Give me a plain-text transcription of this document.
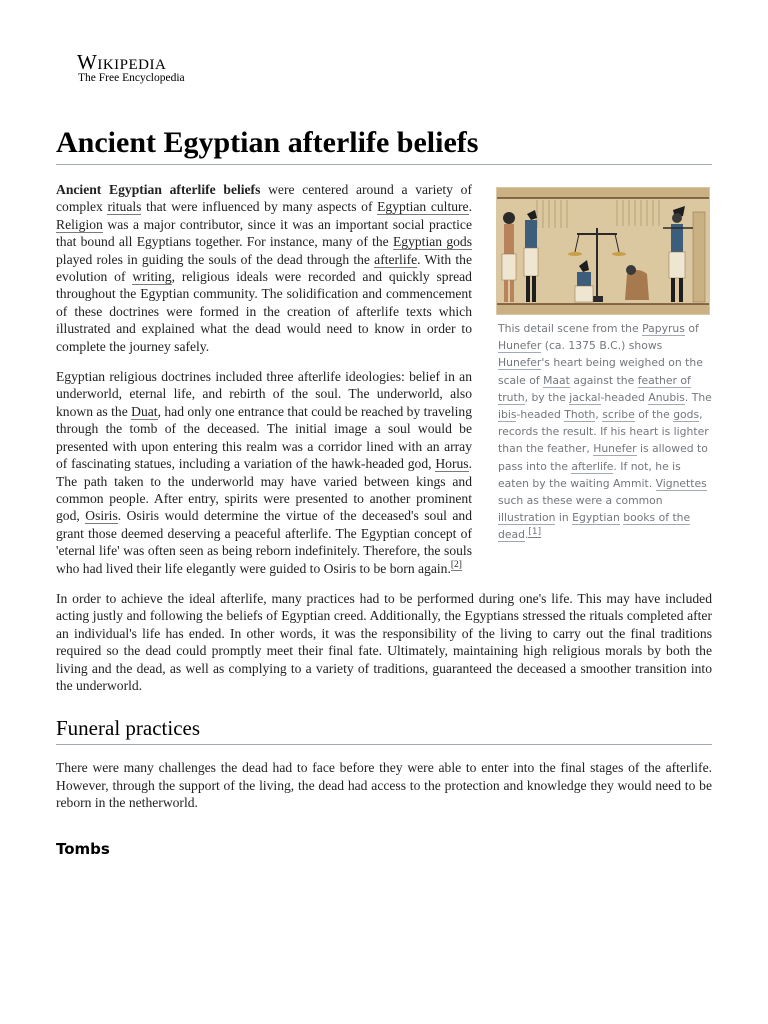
Wikipedia
The Free Encyclopedia
Ancient Egyptian afterlife beliefs
This detail scene from the Papyrus of Hunefer (ca. 1375 B.C.) shows Hunefer's heart being weighed on the scale of Maat against the feather of truth, by the jackal-headed Anubis. The ibis-headed Thoth, scribe of the gods, records the result. If his heart is lighter than the feather, Hunefer is allowed to pass into the afterlife. If not, he is eaten by the waiting Ammit. Vignettes such as these were a common illustration in Egyptian books of the dead.[1]

Ancient Egyptian afterlife beliefs were centered around a variety of complex rituals that were influenced by many aspects of Egyptian culture. Religion was a major contributor, since it was an important social practice that bound all Egyptians together. For instance, many of the Egyptian gods played roles in guiding the souls of the dead through the afterlife. With the evolution of writing, religious ideals were recorded and quickly spread throughout the Egyptian community. The solidification and commencement of these doctrines were formed in the creation of afterlife texts which illustrated and explained what the dead would need to know in order to complete the journey safely.

Egyptian religious doctrines included three afterlife ideologies: belief in an underworld, eternal life, and rebirth of the soul. The underworld, also known as the Duat, had only one entrance that could be reached by traveling through the tomb of the deceased. The initial image a soul would be presented with upon entering this realm was a corridor lined with an array of fascinating statues, including a variation of the hawk-headed god, Horus. The path taken to the underworld may have varied between kings and common people. After entry, spirits were presented to another prominent god, Osiris. Osiris would determine the virtue of the deceased's soul and grant those deemed deserving a peaceful afterlife. The Egyptian concept of 'eternal life' was often seen as being reborn indefinitely. Therefore, the souls who had lived their life elegantly were guided to Osiris to be born again.[2]

In order to achieve the ideal afterlife, many practices had to be performed during one's life. This may have included acting justly and following the beliefs of Egyptian creed. Additionally, the Egyptians stressed the rituals completed after an individual's life has ended. In other words, it was the responsibility of the living to carry out the final traditions required so the dead could promptly meet their final fate. Ultimately, maintaining high religious morals by both the living and the dead, as well as complying to a variety of traditions, guaranteed the deceased a smoother transition into the underworld.

Funeral practices

There were many challenges the dead had to face before they were able to enter into the final stages of the afterlife. However, through the support of the living, the dead had access to the protection and knowledge they would need to be reborn in the netherworld.

Tombs
